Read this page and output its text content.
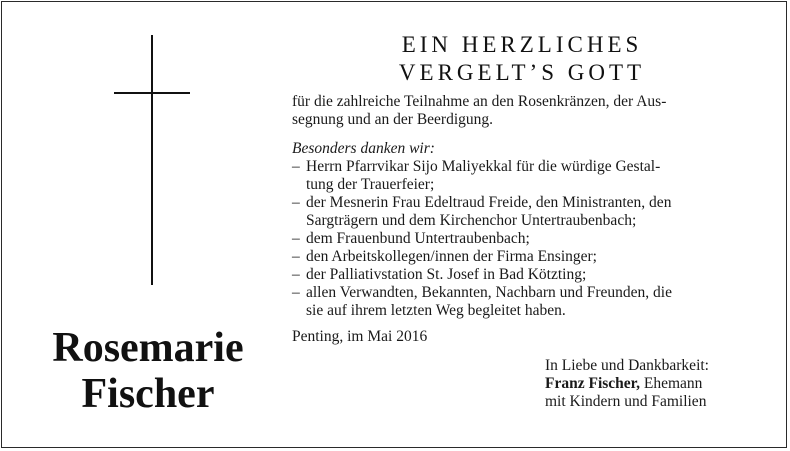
Rosemarie
Fischer
EIN HERZLICHES
VERGELT’S GOTT
für die zahlreiche Teilnahme an den Rosenkränzen, der Aus-
segnung und an der Beerdigung.
Besonders danken wir:
– Herrn Pfarrvikar Sijo Maliyekkal für die würdige Gestal-
tung der Trauerfeier;
– der Mesnerin Frau Edeltraud Freide, den Ministranten, den
Sargträgern und dem Kirchenchor Untertraubenbach;
– dem Frauenbund Untertraubenbach;
– den Arbeitskollegen/innen der Firma Ensinger;
– der Palliativstation St. Josef in Bad Kötzting;
– allen Verwandten, Bekannten, Nachbarn und Freunden, die
sie auf ihrem letzten Weg begleitet haben.
Penting, im Mai 2016
In Liebe und Dankbarkeit:
Franz Fischer, Ehemann
mit Kindern und Familien
